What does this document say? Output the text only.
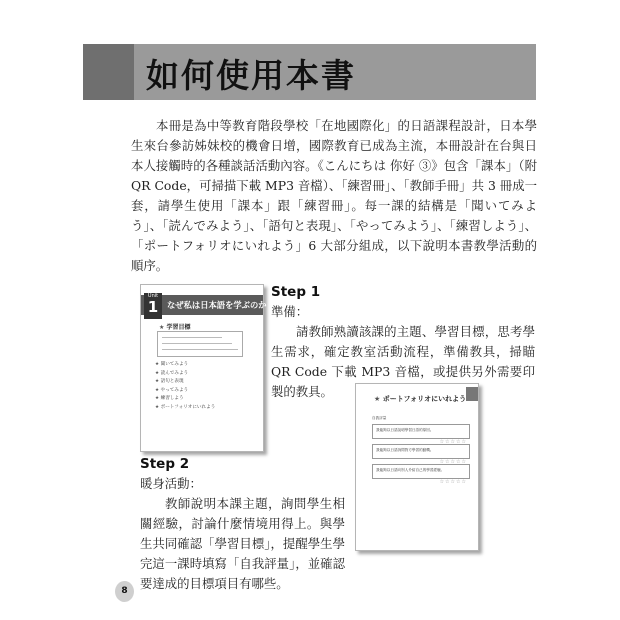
如何使用本書

本冊是為中等教育階段學校「在地國際化」的日語課程設計，日本學生來台參訪姊妹校的機會日增，國際教育已成為主流，本冊設計在台與日本人接觸時的各種談話活動內容。《こんにちは 你好 ③》包含「課本」（附 QR Code，可掃描下載 MP3 音檔）、「練習冊」、「教師手冊」共 3 冊成一套，請學生使用「課本」跟「練習冊」。每一課的結構是「聞いてみよう」、「読んでみよう」、「語句と表現」、「やってみよう」、「練習しよう」、「ポートフォリオにいれよう」6 大部分組成，以下說明本書教學活動的順序。

なぜ私は日本語を学ぶのか
Unit
1
★ 学習目標
★ 聞いてみよう
★ 読んでみよう
★ 語句と表現
★ やってみよう
★ 練習しよう
★ ポートフォリオにいれよう
Step 1
準備：

請教師熟讀該課的主題、學習目標，思考學生需求，確定教室活動流程，準備教具，掃瞄 QR Code 下載 MP3 音檔，或提供另外需要印製的教具。	★ ポートフォリオにいれよう
自我評量
我能夠以日語說明學習日語的原因。
☆☆☆☆☆
我能夠以日語詢問對方學習的動機。
☆☆☆☆☆
我能夠以日語向別人介紹自己的學習經驗。
☆☆☆☆☆
Step 2
暖身活動：

教師說明本課主題，詢問學生相關經驗，討論什麼情境用得上。與學生共同確認「學習目標」，提醒學生學完這一課時填寫「自我評量」，並確認要達成的目標項目有哪些。

8
